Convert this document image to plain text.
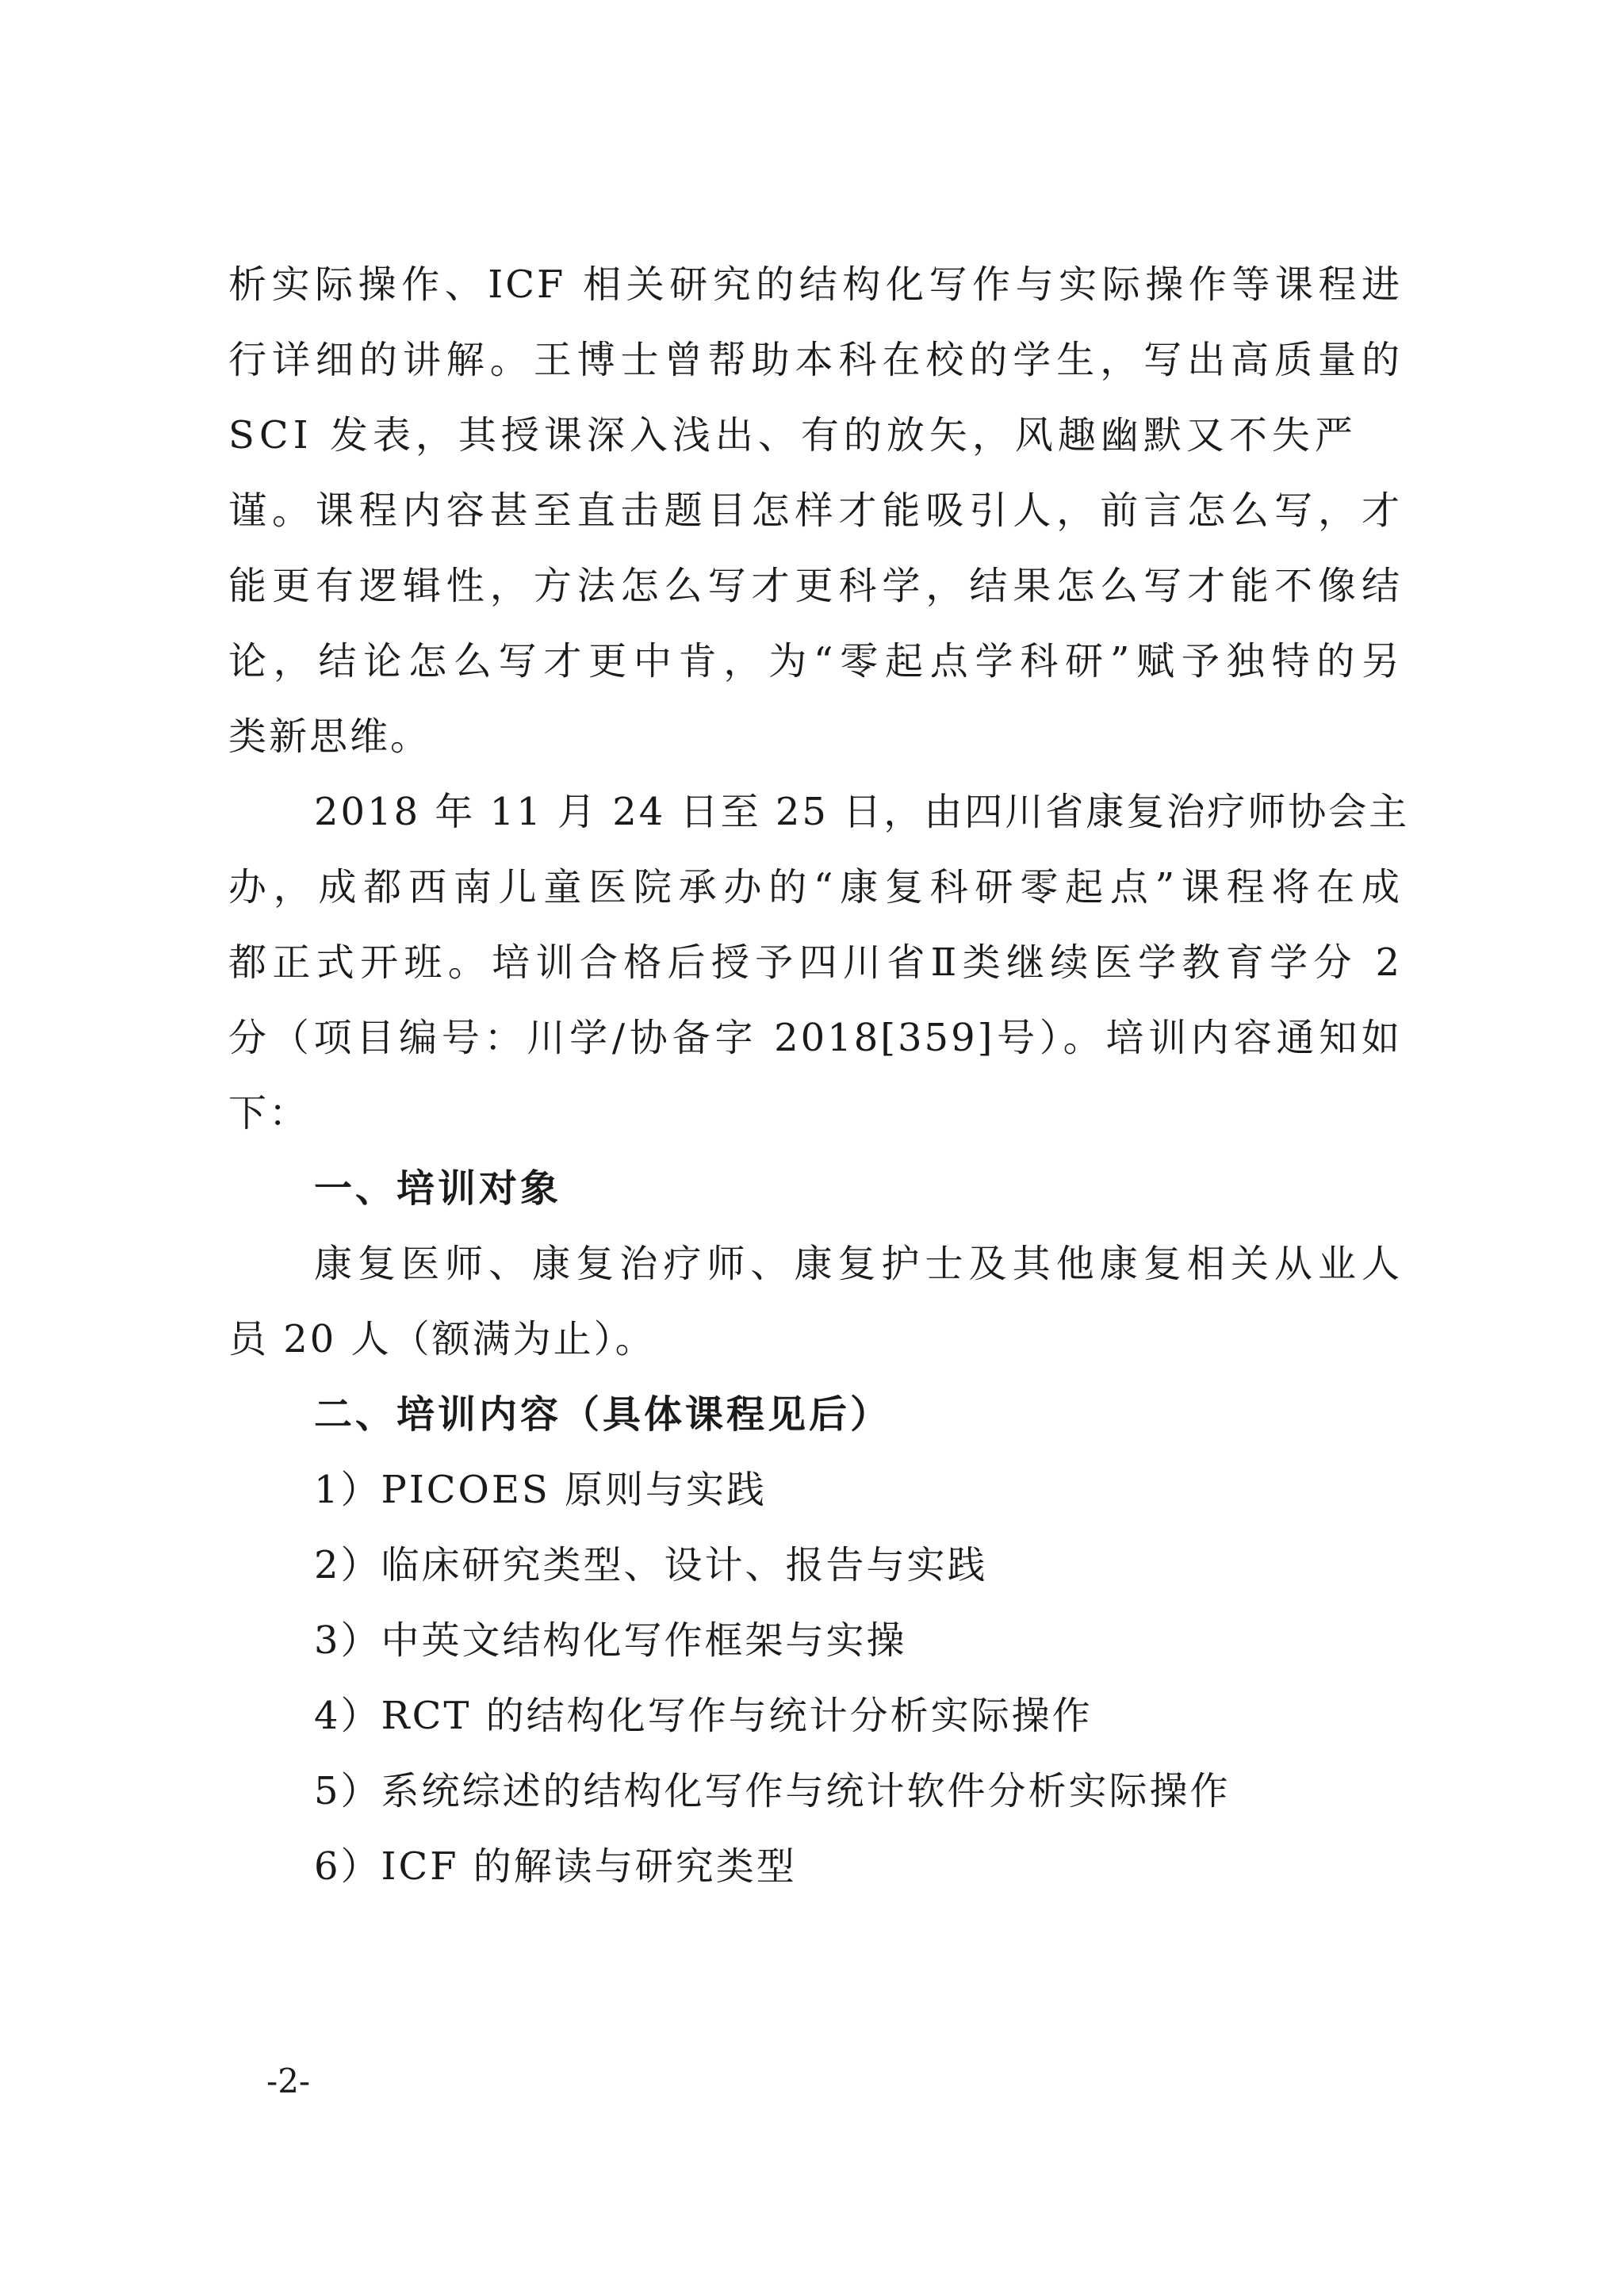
析实际操作、ICF 相关研究的结构化写作与实际操作等课程进
行详细的讲解。王博士曾帮助本科在校的学生，写出高质量的
SCI 发表，其授课深入浅出、有的放矢，风趣幽默又不失严
谨。课程内容甚至直击题目怎样才能吸引人，前言怎么写，才
能更有逻辑性，方法怎么写才更科学，结果怎么写才能不像结
论，结论怎么写才更中肯，为“零起点学科研”赋予独特的另
类新思维。
2018 年 11 月 24 日至 25 日，由四川省康复治疗师协会主
办，成都西南儿童医院承办的“康复科研零起点”课程将在成
都正式开班。培训合格后授予四川省Ⅱ类继续医学教育学分 2
分（项目编号：川学/协备字 2018[359]号）。培训内容通知如
下：
一、培训对象
康复医师、康复治疗师、康复护士及其他康复相关从业人
员 20 人（额满为止）。
二、培训内容（具体课程见后）
1）PICOES 原则与实践
2）临床研究类型、设计、报告与实践
3）中英文结构化写作框架与实操
4）RCT 的结构化写作与统计分析实际操作
5）系统综述的结构化写作与统计软件分析实际操作
6）ICF 的解读与研究类型
-2-
